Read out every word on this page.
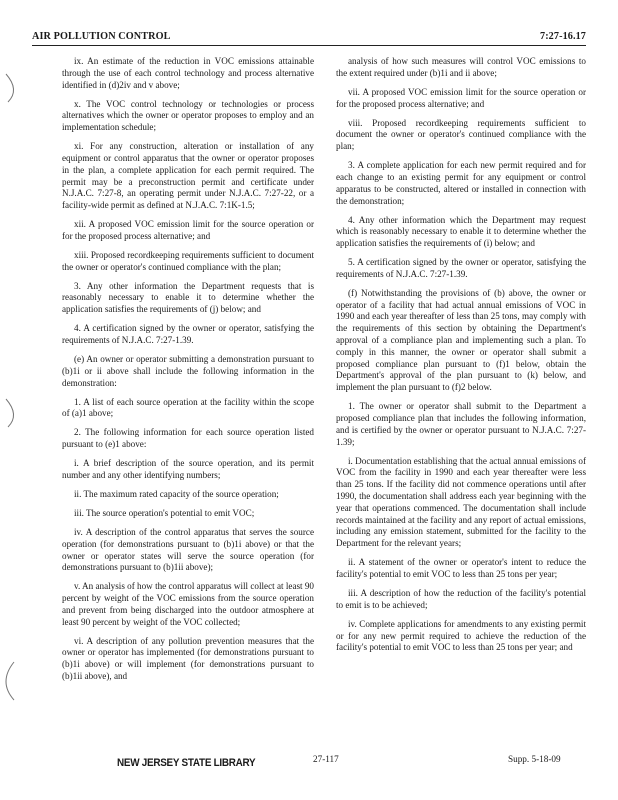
AIR POLLUTION CONTROL	7:27-16.17

ix. An estimate of the reduction in VOC emissions attainable through the use of each control technology and process alternative identified in (d)2iv and v above;

x. The VOC control technology or technologies or process alternatives which the owner or operator proposes to employ and an implementation schedule;

xi. For any construction, alteration or installation of any equipment or control apparatus that the owner or operator proposes in the plan, a complete application for each permit required. The permit may be a preconstruction permit and certificate under N.J.A.C. 7:27-8, an operating permit under N.J.A.C. 7:27-22, or a facility-wide permit as defined at N.J.A.C. 7:1K-1.5;

xii. A proposed VOC emission limit for the source operation or for the proposed process alternative; and

xiii. Proposed recordkeeping requirements sufficient to document the owner or operator's continued compliance with the plan;

3. Any other information the Department requests that is reasonably necessary to enable it to determine whether the application satisfies the requirements of (j) below; and

4. A certification signed by the owner or operator, satisfying the requirements of N.J.A.C. 7:27-1.39.

(e) An owner or operator submitting a demonstration pursuant to (b)1i or ii above shall include the following information in the demonstration:

1. A list of each source operation at the facility within the scope of (a)1 above;

2. The following information for each source operation listed pursuant to (e)1 above:

i. A brief description of the source operation, and its permit number and any other identifying numbers;

ii. The maximum rated capacity of the source operation;

iii. The source operation's potential to emit VOC;

iv. A description of the control apparatus that serves the source operation (for demonstrations pursuant to (b)1i above) or that the owner or operator states will serve the source operation (for demonstrations pursuant to (b)1ii above);

v. An analysis of how the control apparatus will collect at least 90 percent by weight of the VOC emissions from the source operation and prevent from being discharged into the outdoor atmosphere at least 90 percent by weight of the VOC collected;

vi. A description of any pollution prevention measures that the owner or operator has implemented (for demonstrations pursuant to (b)1i above) or will implement (for demonstrations pursuant to (b)1ii above), and

analysis of how such measures will control VOC emissions to the extent required under (b)1i and ii above;

vii. A proposed VOC emission limit for the source operation or for the proposed process alternative; and

viii. Proposed recordkeeping requirements sufficient to document the owner or operator's continued compliance with the plan;

3. A complete application for each new permit required and for each change to an existing permit for any equipment or control apparatus to be constructed, altered or installed in connection with the demonstration;

4. Any other information which the Department may request which is reasonably necessary to enable it to determine whether the application satisfies the requirements of (i) below; and

5. A certification signed by the owner or operator, satisfying the requirements of N.J.A.C. 7:27-1.39.

(f) Notwithstanding the provisions of (b) above, the owner or operator of a facility that had actual annual emissions of VOC in 1990 and each year thereafter of less than 25 tons, may comply with the requirements of this section by obtaining the Department's approval of a compliance plan and implementing such a plan. To comply in this manner, the owner or operator shall submit a proposed compliance plan pursuant to (f)1 below, obtain the Department's approval of the plan pursuant to (k) below, and implement the plan pursuant to (f)2 below.

1. The owner or operator shall submit to the Department a proposed compliance plan that includes the following information, and is certified by the owner or operator pursuant to N.J.A.C. 7:27-1.39;

i. Documentation establishing that the actual annual emissions of VOC from the facility in 1990 and each year thereafter were less than 25 tons. If the facility did not commence operations until after 1990, the documentation shall address each year beginning with the year that operations commenced. The documentation shall include records maintained at the facility and any report of actual emissions, including any emission statement, submitted for the facility to the Department for the relevant years;

ii. A statement of the owner or operator's intent to reduce the facility's potential to emit VOC to less than 25 tons per year;

iii. A description of how the reduction of the facility's potential to emit is to be achieved;

iv. Complete applications for amendments to any existing permit or for any new permit required to achieve the reduction of the facility's potential to emit VOC to less than 25 tons per year; and

NEW JERSEY STATE LIBRARY	27-117	Supp. 5-18-09
